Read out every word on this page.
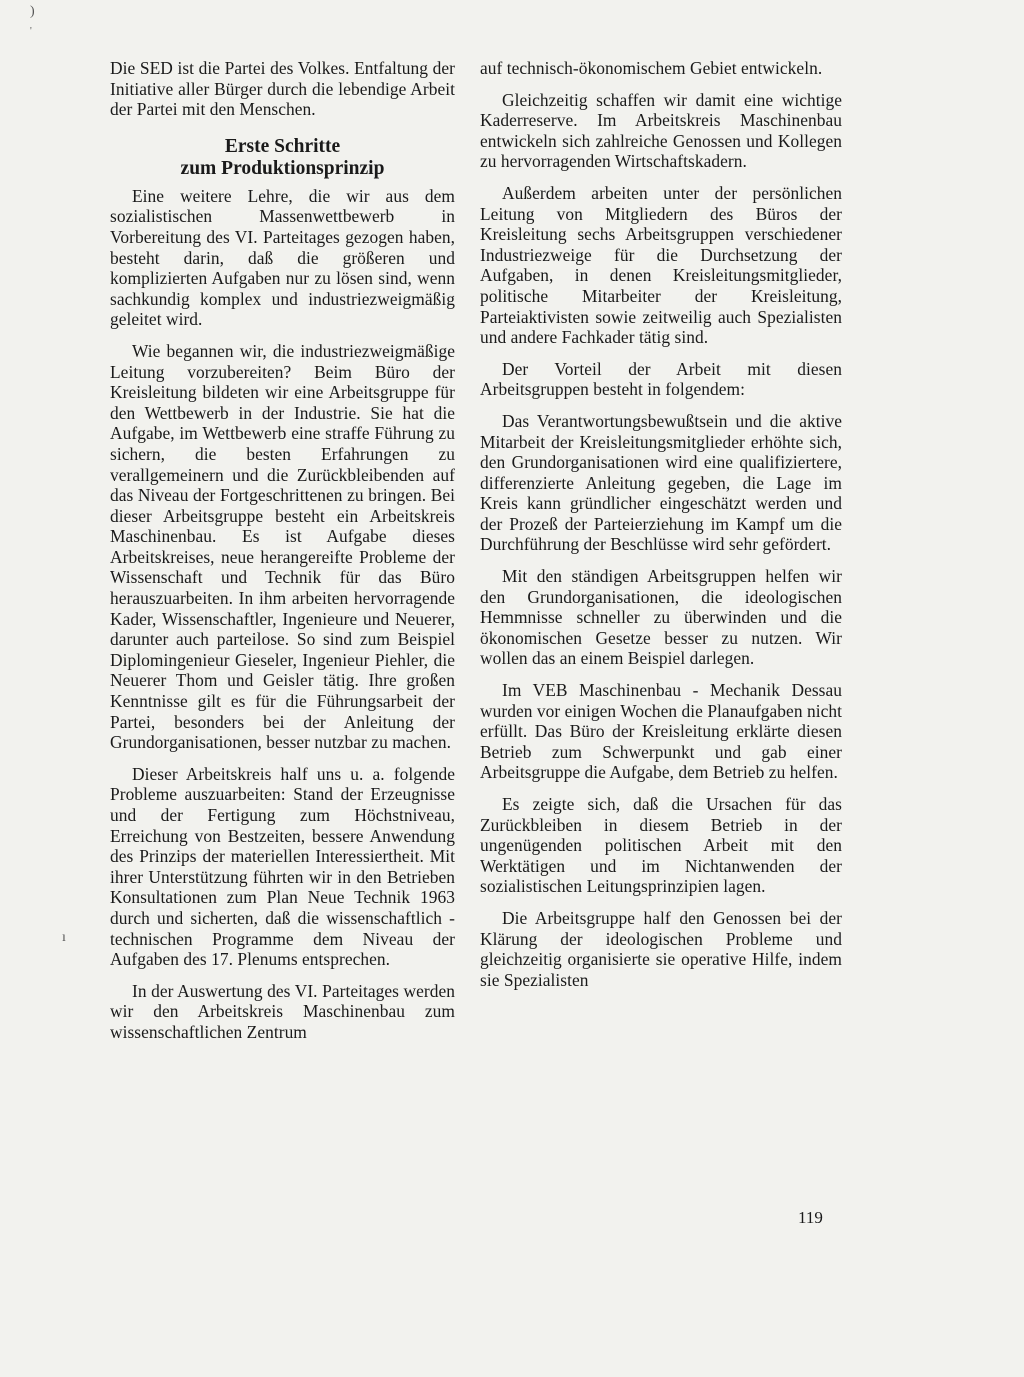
)
'
ı

Die SED ist die Partei des Volkes. Entfaltung der Initiative aller Bürger durch die lebendige Arbeit der Partei mit den Menschen.

Erste Schritte
zum Produktionsprinzip

Eine weitere Lehre, die wir aus dem sozialistischen Massenwettbewerb in Vorbereitung des VI. Parteitages gezogen haben, besteht darin, daß die größeren und komplizierten Aufgaben nur zu lösen sind, wenn sachkundig komplex und industriezweigmäßig geleitet wird.

Wie begannen wir, die industriezweigmäßige Leitung vorzubereiten? Beim Büro der Kreisleitung bildeten wir eine Arbeitsgruppe für den Wettbewerb in der Industrie. Sie hat die Aufgabe, im Wettbewerb eine straffe Führung zu sichern, die besten Erfahrungen zu verallgemeinern und die Zurückbleibenden auf das Niveau der Fortgeschrittenen zu bringen. Bei dieser Arbeitsgruppe besteht ein Arbeitskreis Maschinenbau. Es ist Aufgabe dieses Arbeitskreises, neue herangereifte Probleme der Wissenschaft und Technik für das Büro herauszuarbeiten. In ihm arbeiten hervorragende Kader, Wissenschaftler, Ingenieure und Neuerer, darunter auch parteilose. So sind zum Beispiel Diplomingenieur Gieseler, Ingenieur Piehler, die Neuerer Thom und Geisler tätig. Ihre großen Kenntnisse gilt es für die Führungsarbeit der Partei, besonders bei der Anleitung der Grundorganisationen, besser nutzbar zu machen.

Dieser Arbeitskreis half uns u. a. folgende Probleme auszuarbeiten: Stand der Erzeugnisse und der Fertigung zum Höchstniveau, Erreichung von Bestzeiten, bessere Anwendung des Prinzips der materiellen Interessiertheit. Mit ihrer Unterstützung führten wir in den Betrieben Konsultationen zum Plan Neue Technik 1963 durch und sicherten, daß die wissenschaftlich - technischen Programme dem Niveau der Aufgaben des 17. Plenums entsprechen.

In der Auswertung des VI. Parteitages werden wir den Arbeitskreis Maschinenbau zum wissenschaftlichen Zentrum

auf technisch-ökonomischem Gebiet entwickeln.

Gleichzeitig schaffen wir damit eine wichtige Kaderreserve. Im Arbeitskreis Maschinenbau entwickeln sich zahlreiche Genossen und Kollegen zu hervorragenden Wirtschaftskadern.

Außerdem arbeiten unter der persönlichen Leitung von Mitgliedern des Büros der Kreisleitung sechs Arbeitsgruppen verschiedener Industriezweige für die Durchsetzung der Aufgaben, in denen Kreisleitungsmitglieder, politische Mitarbeiter der Kreisleitung, Parteiaktivisten sowie zeitweilig auch Spezialisten und andere Fachkader tätig sind.

Der Vorteil der Arbeit mit diesen Arbeitsgruppen besteht in folgendem:

Das Verantwortungsbewußtsein und die aktive Mitarbeit der Kreisleitungsmitglieder erhöhte sich, den Grundorganisationen wird eine qualifiziertere, differenzierte Anleitung gegeben, die Lage im Kreis kann gründlicher eingeschätzt werden und der Prozeß der Parteierziehung im Kampf um die Durchführung der Beschlüsse wird sehr gefördert.

Mit den ständigen Arbeitsgruppen helfen wir den Grundorganisationen, die ideologischen Hemmnisse schneller zu überwinden und die ökonomischen Gesetze besser zu nutzen. Wir wollen das an einem Beispiel darlegen.

Im VEB Maschinenbau - Mechanik Dessau wurden vor einigen Wochen die Planaufgaben nicht erfüllt. Das Büro der Kreisleitung erklärte diesen Betrieb zum Schwerpunkt und gab einer Arbeitsgruppe die Aufgabe, dem Betrieb zu helfen.

Es zeigte sich, daß die Ursachen für das Zurückbleiben in diesem Betrieb in der ungenügenden politischen Arbeit mit den Werktätigen und im Nichtanwenden der sozialistischen Leitungsprinzipien lagen.

Die Arbeitsgruppe half den Genossen bei der Klärung der ideologischen Probleme und gleichzeitig organisierte sie operative Hilfe, indem sie Spezialisten

119
